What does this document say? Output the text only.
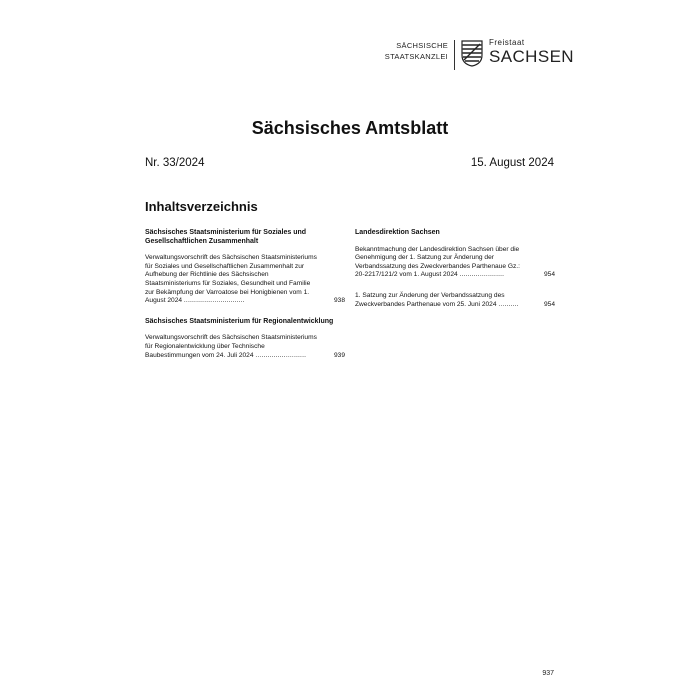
SÄCHSISCHE
STAATSKANZLEI
Freistaat
SACHSEN
Sächsisches Amtsblatt
Nr. 33/2024	15. August 2024
Inhaltsverzeichnis
Sächsisches Staatsministerium für Soziales und Gesellschaftlichen Zusammenhalt
Verwaltungsvorschrift des Sächsischen Staatsministeriums für Soziales und Gesellschaftlichen Zusammenhalt zur Aufhebung der Richtlinie des Sächsischen Staatsministeriums für Soziales, Gesundheit und Familie zur Bekämpfung der Varroatose bei Honigbienen vom 1. August 2024 ..............................	938
Sächsisches Staatsministerium für Regionalentwicklung
Verwaltungsvorschrift des Sächsischen Staatsministeriums für Regionalentwicklung über Technische Baubestimmungen vom 24. Juli 2024 .........................	939
Landesdirektion Sachsen
Bekanntmachung der Landesdirektion Sachsen über die Genehmigung der 1. Satzung zur Änderung der Verbandssatzung des Zweckverbandes Parthenaue Gz.: 20-2217/121/2 vom 1. August 2024 ......................	954
1. Satzung zur Änderung der Verbandssatzung des Zweckverbandes Parthenaue vom 25. Juni 2024 ..........	954
937
